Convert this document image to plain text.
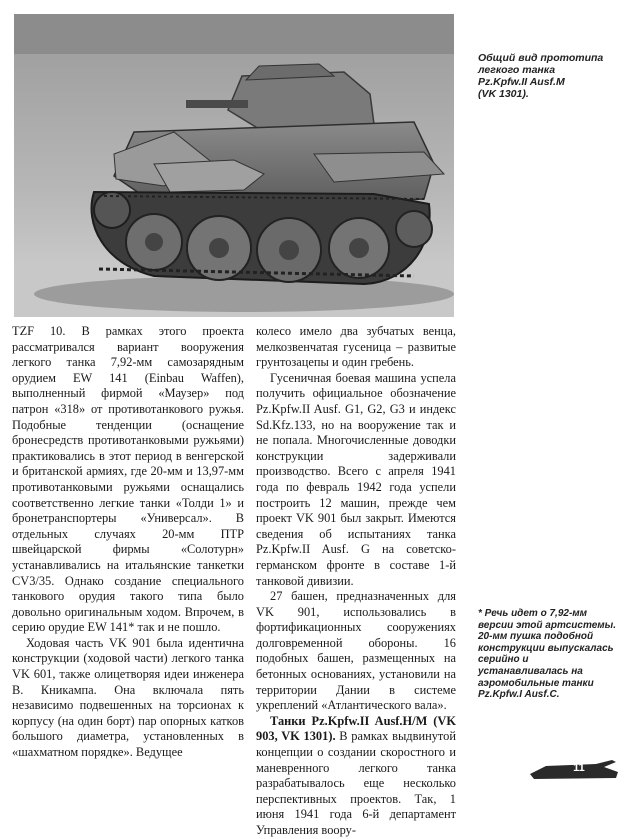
Общий вид прототипа
легкого танка
Pz.Kpfw.II Ausf.M
(VK 1301).

TZF 10. В рамках этого проекта рассматривался вариант вооружения легкого танка 7,92-мм самозарядным орудием EW 141 (Einbau Waffen), выполненный фирмой «Маузер» под патрон «318» от противотанкового ружья. Подобные тенденции (оснащение бронесредств противотанковыми ружьями) практиковались в этот период в венгерской и британской армиях, где 20-мм и 13,97-мм противотанковыми ружьями оснащались соответственно легкие танки «Толди 1» и бронетранспортеры «Универсал». В отдельных случаях 20-мм ПТР швейцарской фирмы «Солотурн» устанавливались на итальянские танкетки CV3/35. Однако создание специального танкового орудия такого типа было довольно оригинальным ходом. Впрочем, в серию орудие EW 141* так и не пошло.

Ходовая часть VK 901 была идентична конструкции (ходовой части) легкого танка VK 601, также олицетворяя идеи инженера В. Кникампа. Она включала пять независимо подвешенных на торсионах к корпусу (на один борт) пар опорных катков большого диаметра, установленных в «шахматном порядке». Ведущее

колесо имело два зубчатых венца, мелкозвенчатая гусеница – развитые грунтозацепы и один гребень.

Гусеничная боевая машина успела получить официальное обозначение Pz.Kpfw.II Ausf. G1, G2, G3 и индекс Sd.Kfz.133, но на вооружение так и не попала. Многочисленные доводки конструкции задерживали производство. Всего с апреля 1941 года по февраль 1942 года успели построить 12 машин, прежде чем проект VK 901 был закрыт. Имеются сведения об испытаниях танка Pz.Kpfw.II Ausf. G на советско-германском фронте в составе 1-й танковой дивизии.

27 башен, предназначенных для VK 901, использовались в фортификационных сооружениях долговременной обороны. 16 подобных башен, размещенных на бетонных основаниях, установили на территории Дании в системе укреплений «Атлантического вала».

Танки Pz.Kpfw.II Ausf.H/M (VK 903, VK 1301). В рамках выдвинутой концепции о создании скоростного и маневренного легкого танка разрабатывалось еще несколько перспективных проектов. Так, 1 июня 1941 года 6-й департамент Управления воору-

* Речь идет о 7,92-мм версии этой артсистемы. 20-мм пушка подобной конструкции выпускалась серийно и устанавливалась на аэромобильные танки Pz.Kpfw.I Ausf.C.
11
